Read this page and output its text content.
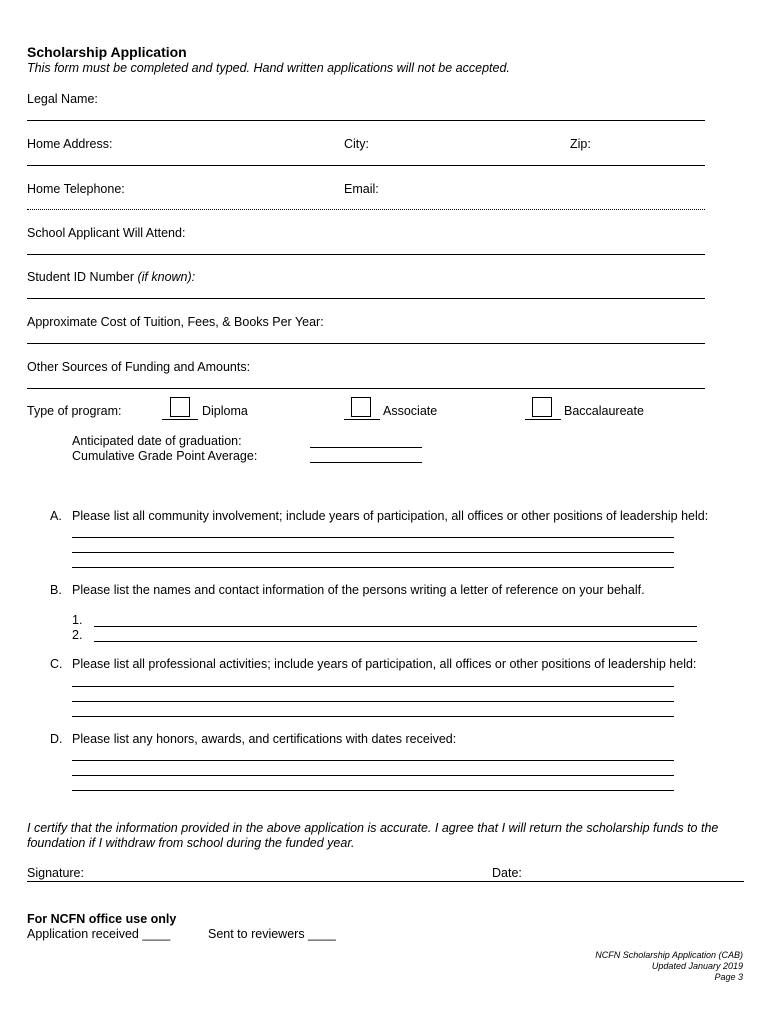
Scholarship Application
This form must be completed and typed. Hand written applications will not be accepted.
Legal Name:
Home Address:	City:	Zip:
Home Telephone:	Email:
School Applicant Will Attend:
Student ID Number (if known):
Approximate Cost of Tuition, Fees, & Books Per Year:
Other Sources of Funding and Amounts:
Type of program:	Diploma	Associate	Baccalaureate
Anticipated date of graduation:
Cumulative Grade Point Average:
A. Please list all community involvement; include years of participation, all offices or other positions of leadership held:
B. Please list the names and contact information of the persons writing a letter of reference on your behalf.
1.
2.
C. Please list all professional activities; include years of participation, all offices or other positions of leadership held:
D. Please list any honors, awards, and certifications with dates received:
I certify that the information provided in the above application is accurate. I agree that I will return the scholarship funds to the foundation if I withdraw from school during the funded year.
Signature:	Date:
For NCFN office use only
Application received ____	Sent to reviewers ____
NCFN Scholarship Application (CAB)
Updated January 2019
Page 3
